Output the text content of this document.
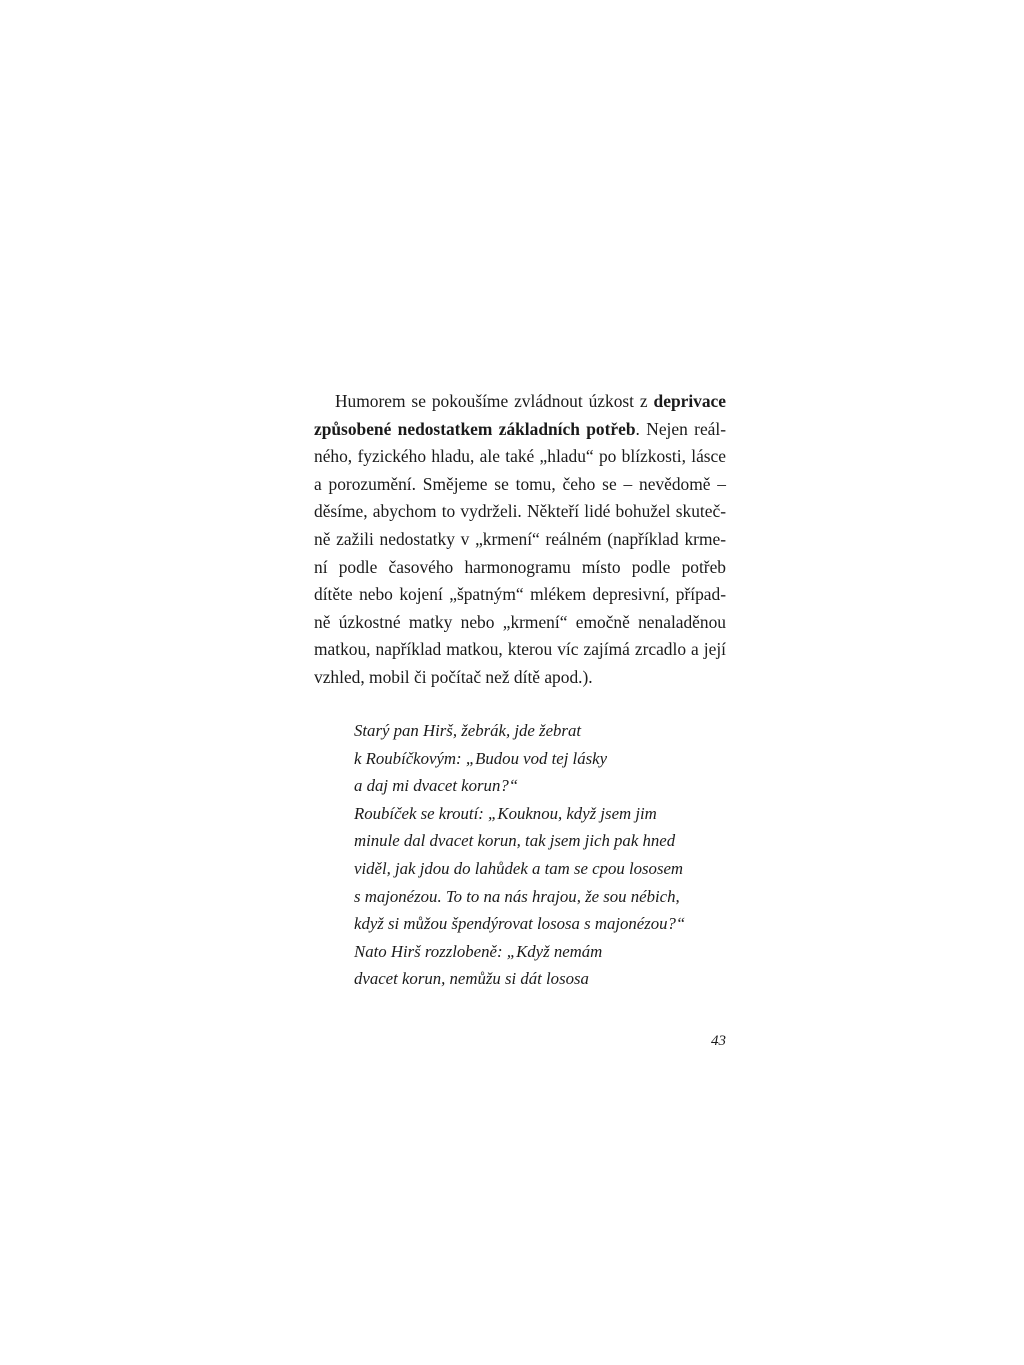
Humorem se pokoušíme zvládnout úzkost z deprivace
způsobené nedostatkem základních potřeb. Nejen reál-
ného, fyzického hladu, ale také „hladu“ po blízkosti, lásce
a porozumění. Smějeme se tomu, čeho se – nevědomě –
děsíme, abychom to vydrželi. Někteří lidé bohužel skuteč-
ně zažili nedostatky v „krmení“ reálném (například krme-
ní podle časového harmonogramu místo podle potřeb
dítěte nebo kojení „špatným“ mlékem depresivní, případ-
ně úzkostné matky nebo „krmení“ emočně nenaladěnou
matkou, například matkou, kterou víc zajímá zrcadlo a její
vzhled, mobil či počítač než dítě apod.).
Starý pan Hirš, žebrák, jde žebrat
k Roubíčkovým: „Budou vod tej lásky
a daj mi dvacet korun?“
Roubíček se kroutí: „Kouknou, když jsem jim
minule dal dvacet korun, tak jsem jich pak hned
viděl, jak jdou do lahůdek a tam se cpou lososem
s majonézou. To to na nás hrajou, že sou nébich,
když si můžou špendýrovat lososa s majonézou?“
Nato Hirš rozzlobeně: „Když nemám
dvacet korun, nemůžu si dát lososa
43
